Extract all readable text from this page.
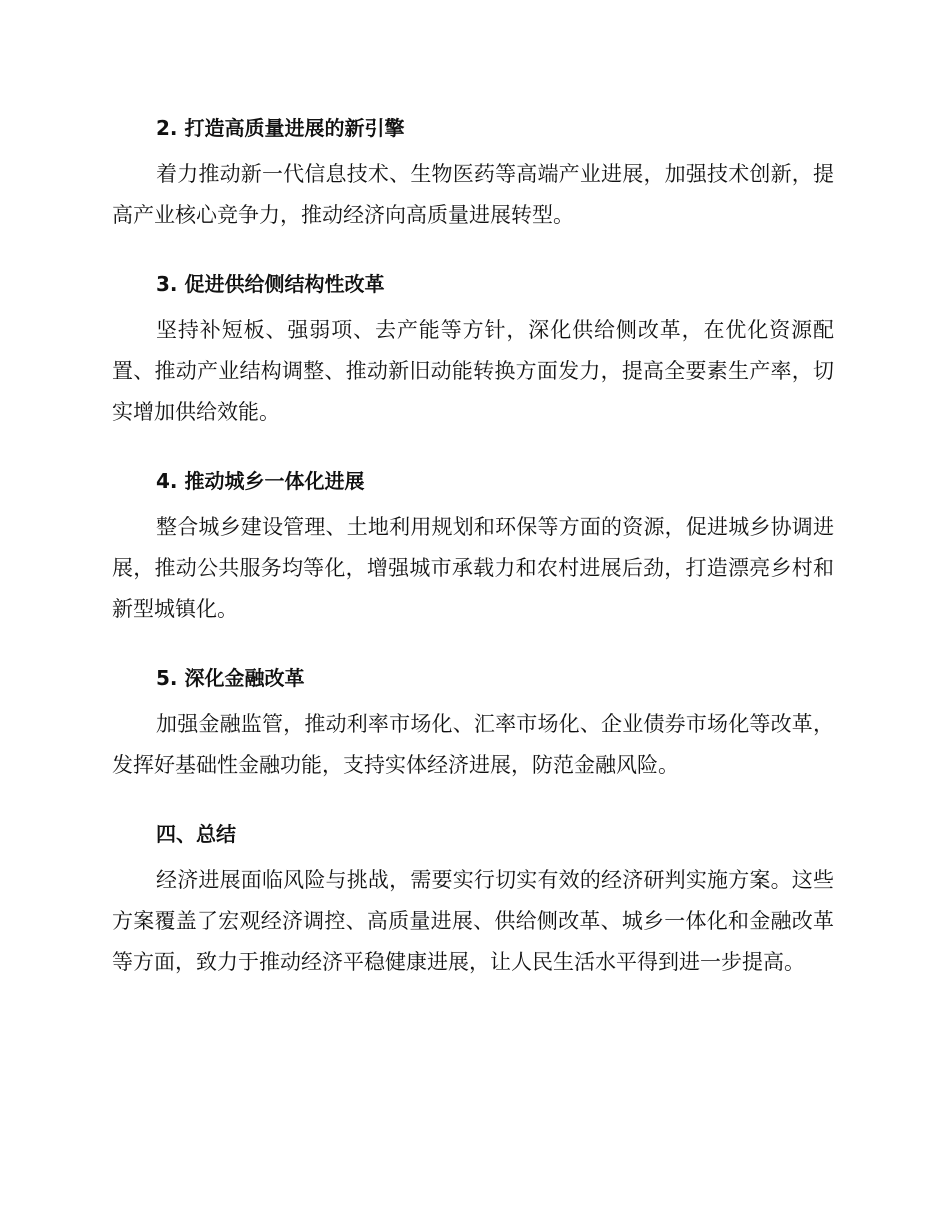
2. 打造高质量进展的新引擎

着力推动新一代信息技术、生物医药等高端产业进展，加强技术创新，提高产业核心竞争力，推动经济向高质量进展转型。

3. 促进供给侧结构性改革

坚持补短板、强弱项、去产能等方针，深化供给侧改革，在优化资源配置、推动产业结构调整、推动新旧动能转换方面发力，提高全要素生产率，切实增加供给效能。

4. 推动城乡一体化进展

整合城乡建设管理、土地利用规划和环保等方面的资源，促进城乡协调进展，推动公共服务均等化，增强城市承载力和农村进展后劲，打造漂亮乡村和新型城镇化。

5. 深化金融改革

加强金融监管，推动利率市场化、汇率市场化、企业债券市场化等改革，发挥好基础性金融功能，支持实体经济进展，防范金融风险。

四、总结

经济进展面临风险与挑战，需要实行切实有效的经济研判实施方案。这些方案覆盖了宏观经济调控、高质量进展、供给侧改革、城乡一体化和金融改革等方面，致力于推动经济平稳健康进展，让人民生活水平得到进一步提高。
